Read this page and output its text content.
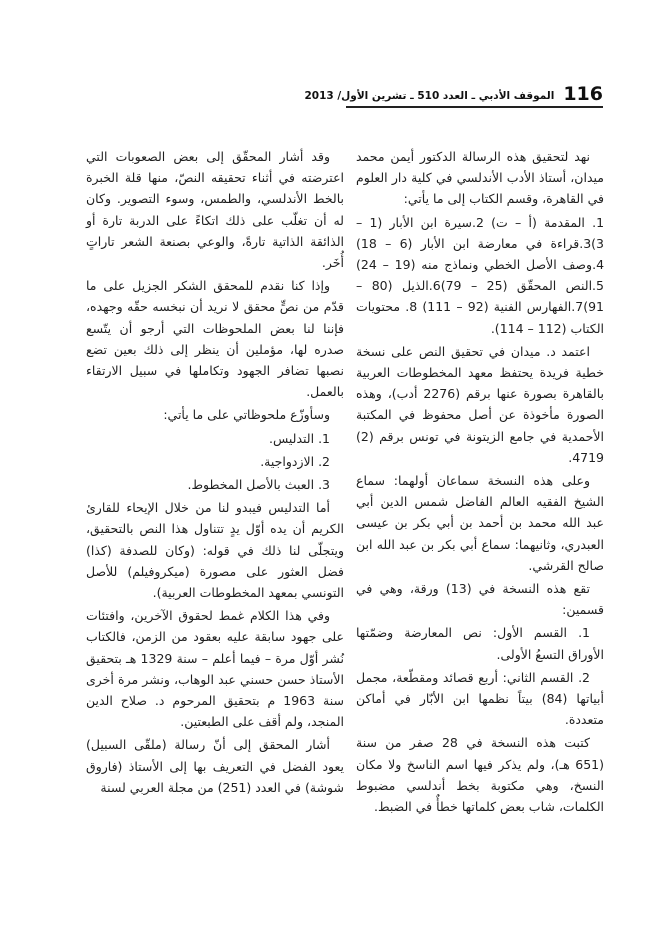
116
الموقف الأدبي ـ العدد 510 ـ تشرين الأول/ 2013

نهد لتحقيق هذه الرسالة الدكتور أيمن محمد ميدان، أستاذ الأدب الأندلسي في كلية دار العلوم في القاهرة، وقسم الكتاب إلى ما يأتي:

1. المقدمة (أ – ت) 2.سيرة ابن الأبار (1 – 3)3.قراءة في معارضة ابن الأبار (6 – 18) 4.وصف الأصل الخطي ونماذج منه (19 – 24) 5.النص المحقّق (25 – 79)6.الذيل (80 – 91)7.الفهارس الفنية (92 – 111) 8. محتويات الكتاب (112 – 114).

اعتمد د. ميدان في تحقيق النص على نسخة خطية فريدة يحتفظ معهد المخطوطات العربية بالقاهرة بصورة عنها برقم (2276 أدب)، وهذه الصورة مأخوذة عن أصل محفوظ في المكتبة الأحمدية في جامع الزيتونة في تونس برقم (2) 4719.

وعلى هذه النسخة سماعان أولهما: سماع الشيخ الفقيه العالم الفاضل شمس الدين أبي عبد الله محمد بن أحمد بن أبي بكر بن عيسى العبدري، وثانيهما: سماع أبي بكر بن عبد الله ابن صالح القرشي.

تقع هذه النسخة في (13) ورقة، وهي في قسمين:

1. القسم الأول: نص المعارضة وضمّتها الأوراق التسعُ الأولى.

2. القسم الثاني: أربع قصائد ومقطّعة، مجمل أبياتها (84) بيتاً نظمها ابن الأبّار في أماكن متعددة.

كتبت هذه النسخة في 28 صفر من سنة (651 هـ)، ولم يذكر فيها اسم الناسخ ولا مكان النسخ، وهي مكتوبة بخط أندلسي مضبوط الكلمات، شاب بعض كلماتها خطأٌ في الضبط.

وقد أشار المحقّق إلى بعض الصعوبات التي اعترضته في أثناء تحقيقه النصّ، منها قلة الخبرة بالخط الأندلسي، والطمس، وسوء التصوير. وكان له أن تغلّب على ذلك اتكاءً على الدربة تارة أو الذائقة الذاتية تارةً، والوعي بصنعة الشعر تاراتٍ أُخَر.

وإذا كنا نقدم للمحقق الشكر الجزيل على ما قدّم من نصٍّ محقق لا نريد أن نبخسه حقّه وجهده، فإننا لنا بعض الملحوظات التي أرجو أن يتّسع صدره لها، مؤملين أن ينظر إلى ذلك بعين تضع نصبها تضافر الجهود وتكاملها في سبيل الارتقاء بالعمل.

وسأوزّع ملحوظاتي على ما يأتي:

1. التدليس.

2. الازدواجية.

3. العبث بالأصل المخطوط.

أما التدليس فيبدو لنا من خلال الإيحاء للقارئ الكريم أن يده أوّل يدٍ تتناول هذا النص بالتحقيق، ويتجلّى لنا ذلك في قوله: (وكان للصدفة (كذا) فضل العثور على مصورة (ميكروفيلم) للأصل التونسي بمعهد المخطوطات العربية).

وفي هذا الكلام غمط لحقوق الآخرين، وافتئات على جهود سابقة عليه بعقود من الزمن، فالكتاب نُشر أوّل مرة – فيما أعلم – سنة 1329 هـ بتحقيق الأستاذ حسن حسني عبد الوهاب، ونشر مرة أخرى سنة 1963 م بتحقيق المرحوم د. صلاح الدين المنجد، ولم أقف على الطبعتين.

أشار المحقق إلى أنّ رسالة (ملقّى السبيل) يعود الفضل في التعريف بها إلى الأستاذ (فاروق شوشة) في العدد (251) من مجلة العربي لسنة
